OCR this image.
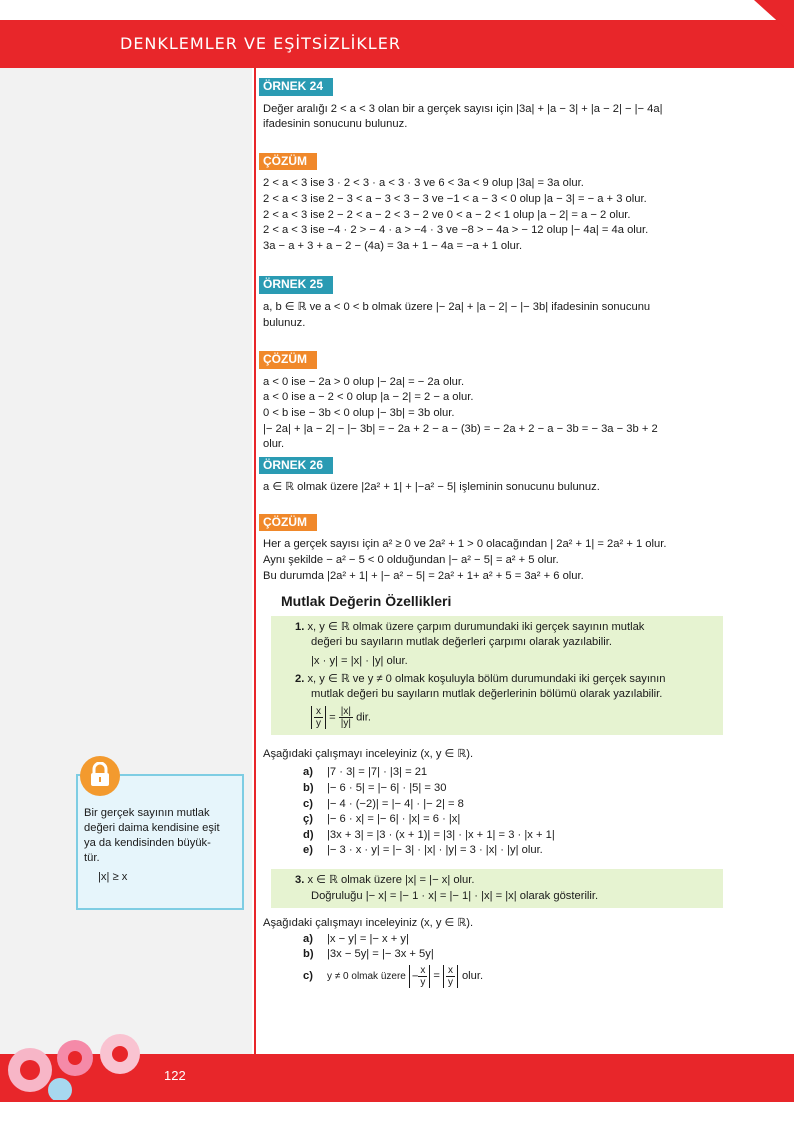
DENKLEMLER VE EŞİTSİZLİKLER
ÖRNEK 24
Değer aralığı 2 < a < 3 olan bir a gerçek sayısı için |3a| + |a − 3| + |a − 2| − |− 4a|
ifadesinin sonucunu bulunuz.
ÇÖZÜM
2 < a < 3 ise 3 · 2 < 3 · a < 3 · 3 ve 6 < 3a < 9 olup |3a| = 3a olur.
2 < a < 3 ise 2 − 3 < a − 3 < 3 − 3 ve −1 < a − 3 < 0 olup |a − 3| = − a + 3 olur.
2 < a < 3 ise 2 − 2 < a − 2 < 3 − 2 ve 0 < a − 2 < 1 olup |a − 2| = a − 2 olur.
2 < a < 3 ise −4 · 2 > − 4 · a > −4 · 3 ve −8 > − 4a > − 12 olup |− 4a| = 4a olur.
3a − a + 3 + a − 2 − (4a) = 3a + 1 − 4a = −a + 1 olur.
ÖRNEK 25
a, b ∈ ℝ ve a < 0 < b olmak üzere |− 2a| + |a − 2| − |− 3b| ifadesinin sonucunu
bulunuz.
ÇÖZÜM
a < 0 ise − 2a > 0 olup |− 2a| = − 2a olur.
a < 0 ise a − 2 < 0 olup |a − 2| = 2 − a olur.
0 < b ise − 3b < 0 olup |− 3b| = 3b olur.
|− 2a| + |a − 2| − |− 3b| = − 2a + 2 − a − (3b) = − 2a + 2 − a − 3b = − 3a − 3b + 2
olur.
ÖRNEK 26
a ∈ ℝ olmak üzere |2a² + 1| + |−a² − 5| işleminin sonucunu bulunuz.
ÇÖZÜM
Her a gerçek sayısı için a² ≥ 0 ve 2a² + 1 > 0 olacağından | 2a² + 1| = 2a² + 1 olur.
Aynı şekilde − a² − 5 < 0 olduğundan |− a² − 5| = a² + 5 olur.
Bu durumda |2a² + 1| + |− a² − 5| = 2a² + 1+ a² + 5 = 3a² + 6 olur.
Mutlak Değerin Özellikleri
1. x, y ∈ ℝ olmak üzere çarpım durumundaki iki gerçek sayının mutlak
değeri bu sayıların mutlak değerleri çarpımı olarak yazılabilir.
|x · y| = |x| · |y| olur.
2. x, y ∈ ℝ ve y ≠ 0 olmak koşuluyla bölüm durumundaki iki gerçek sayının
mutlak değeri bu sayıların mutlak değerlerinin bölümü olarak yazılabilir.
$\frac{x}{y} = \frac{|x|}{|y|}$ dir.
Aşağıdaki çalışmayı inceleyiniz (x, y ∈ ℝ).
a)	|7 · 3| = |7| · |3| = 21
b)	|− 6 · 5| = |− 6| · |5| = 30
c)	|− 4 · (−2)| = |− 4| · |− 2| = 8
ç)	|− 6 · x| = |− 6| · |x| = 6 · |x|
d)	|3x + 3| = |3 · (x + 1)| = |3| · |x + 1| = 3 · |x + 1|
e)	|− 3 · x · y| = |− 3| · |x| · |y| = 3 · |x| · |y| olur.
3. x ∈ ℝ olmak üzere |x| = |− x| olur.
Doğruluğu |− x| = |− 1 · x| = |− 1| · |x| = |x| olarak gösterilir.
Aşağıdaki çalışmayı inceleyiniz (x, y ∈ ℝ).
a)	|x − y| = |− x + y|
b)	|3x − 5y| = |− 3x + 5y|
c)	y ≠ 0 olmak üzere − $\frac{x}{y} = \frac{x}{y}$ olur.
Bir gerçek sayının mutlak
değeri daima kendisine eşit
ya da kendisinden büyük-
tür.
|x| ≥ x
122
